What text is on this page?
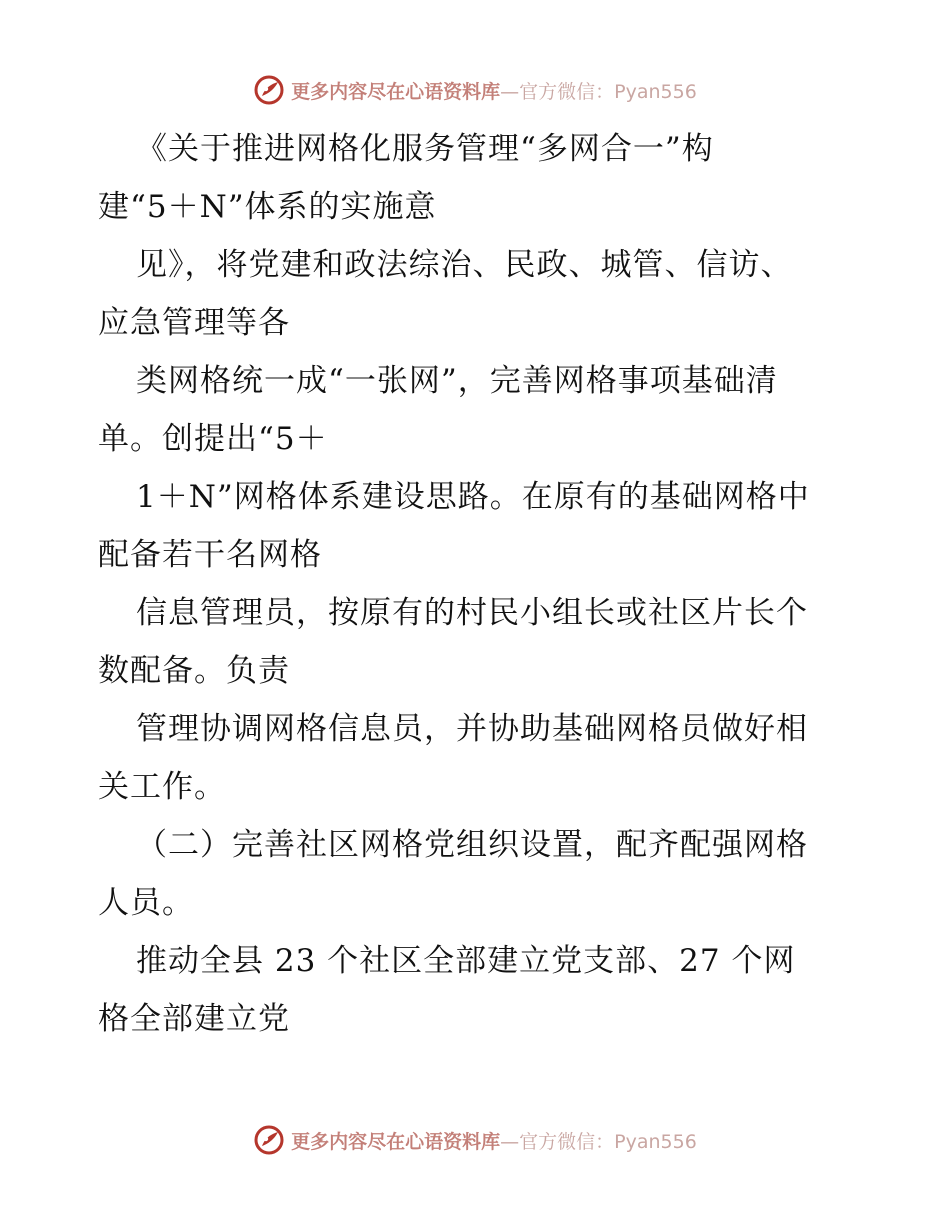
更多内容尽在心语资料库—官方微信：Pyan556
《关于推进网格化服务管理“多网合一”构
建“5＋N”体系的实施意
见》，将党建和政法综治、民政、城管、信访、
应急管理等各
类网格统一成“一张网”，完善网格事项基础清
单。创提出“5＋
1＋N”网格体系建设思路。在原有的基础网格中
配备若干名网格
信息管理员，按原有的村民小组长或社区片长个
数配备。负责
管理协调网格信息员，并协助基础网格员做好相
关工作。
（二）完善社区网格党组织设置，配齐配强网格
人员。
推动全县 23 个社区全部建立党支部、27 个网
格全部建立党
更多内容尽在心语资料库—官方微信：Pyan556
